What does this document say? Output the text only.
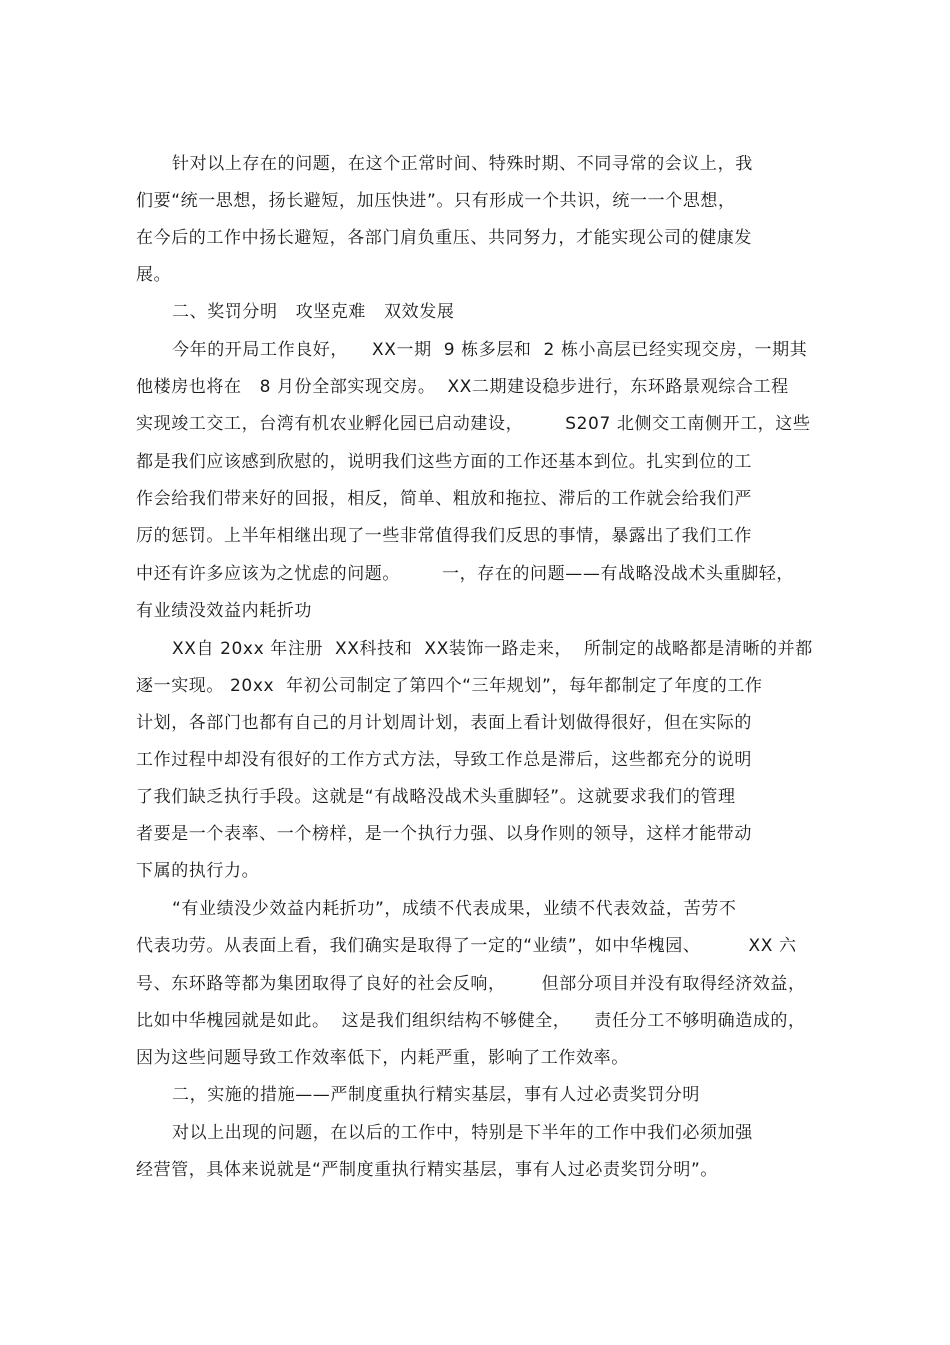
针对以上存在的问题，在这个正常时间、特殊时期、不同寻常的会议上，我
们要“统一思想，扬长避短，加压快进”。只有形成一个共识，统一一个思想，
在今后的工作中扬长避短，各部门肩负重压、共同努力，才能实现公司的健康发
展。
二、奖罚分明   攻坚克难   双效发展
今年的开局工作良好，    XX一期  9 栋多层和  2 栋小高层已经实现交房，一期其
他楼房也将在   8 月份全部实现交房。  XX二期建设稳步进行，东环路景观综合工程
实现竣工交工，台湾有机农业孵化园已启动建设，       S207 北侧交工南侧开工，这些
都是我们应该感到欣慰的，说明我们这些方面的工作还基本到位。扎实到位的工
作会给我们带来好的回报，相反，简单、粗放和拖拉、滞后的工作就会给我们严
厉的惩罚。上半年相继出现了一些非常值得我们反思的事情，暴露出了我们工作
中还有许多应该为之忧虑的问题。       一，存在的问题——有战略没战术头重脚轻，
有业绩没效益内耗折功
XX自 20xx 年注册  XX科技和  XX装饰一路走来，  所制定的战略都是清晰的并都
逐一实现。 20xx  年初公司制定了第四个“三年规划”，每年都制定了年度的工作
计划，各部门也都有自己的月计划周计划，表面上看计划做得很好，但在实际的
工作过程中却没有很好的工作方式方法，导致工作总是滞后，这些都充分的说明
了我们缺乏执行手段。这就是“有战略没战术头重脚轻”。这就要求我们的管理
者要是一个表率、一个榜样，是一个执行力强、以身作则的领导，这样才能带动
下属的执行力。
“有业绩没少效益内耗折功”，成绩不代表成果，业绩不代表效益，苦劳不
代表功劳。从表面上看，我们确实是取得了一定的“业绩”，如中华槐园、        XX 六
号、东环路等都为集团取得了良好的社会反响，      但部分项目并没有取得经济效益，
比如中华槐园就是如此。  这是我们组织结构不够健全，    责任分工不够明确造成的，
因为这些问题导致工作效率低下，内耗严重，影响了工作效率。
二，实施的措施——严制度重执行精实基层，事有人过必责奖罚分明
对以上出现的问题，在以后的工作中，特别是下半年的工作中我们必须加强
经营管，具体来说就是“严制度重执行精实基层，事有人过必责奖罚分明”。
